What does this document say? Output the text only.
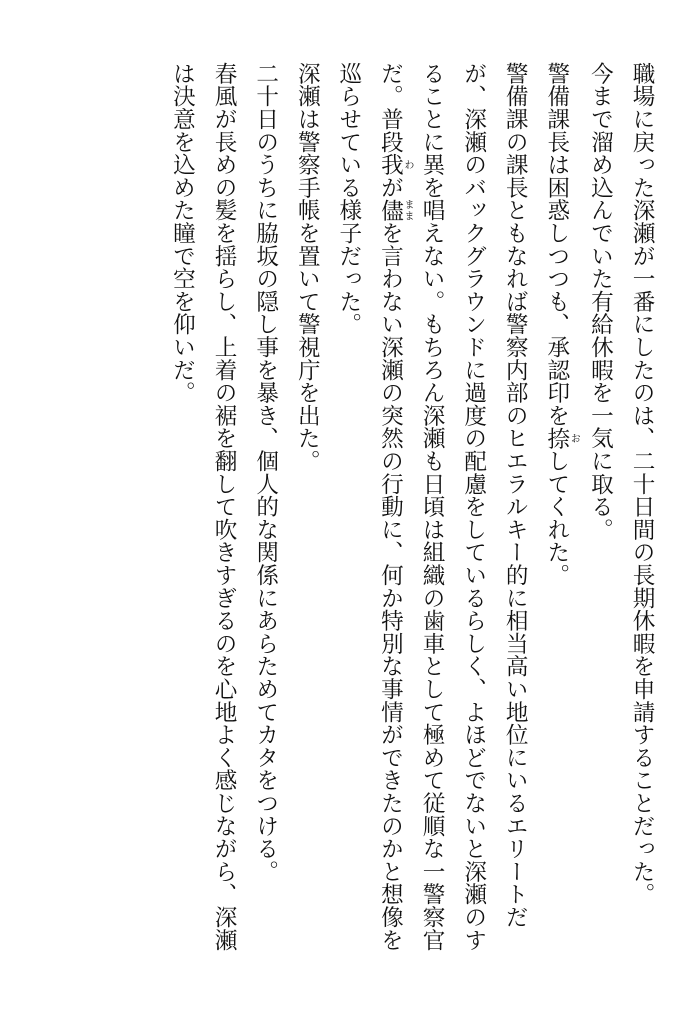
職場に戻った深瀬が一番にしたのは、二十日間の長期休暇を申請することだった。

今まで溜め込んでいた有給休暇を一気に取る。

警備課長は困惑しつつも、承認印を捺おしてくれた。

警備課の課長ともなれば警察内部のヒエラルキー的に相当高い地位にいるエリートだが、深瀬のバックグラウンドに過度の配慮をしているらしく、よほどでないと深瀬のすることに異を唱えない。もちろん深瀬も日頃は組織の歯車として極めて従順な一警察官だ。普段我わが儘ままを言わない深瀬の突然の行動に、何か特別な事情ができたのかと想像を巡らせている様子だった。

深瀬は警察手帳を置いて警視庁を出た。

二十日のうちに脇坂の隠し事を暴き、個人的な関係にあらためてカタをつける。

春風が長めの髪を揺らし、上着の裾を翻して吹きすぎるのを心地よく感じながら、深瀬は決意を込めた瞳で空を仰いだ。
